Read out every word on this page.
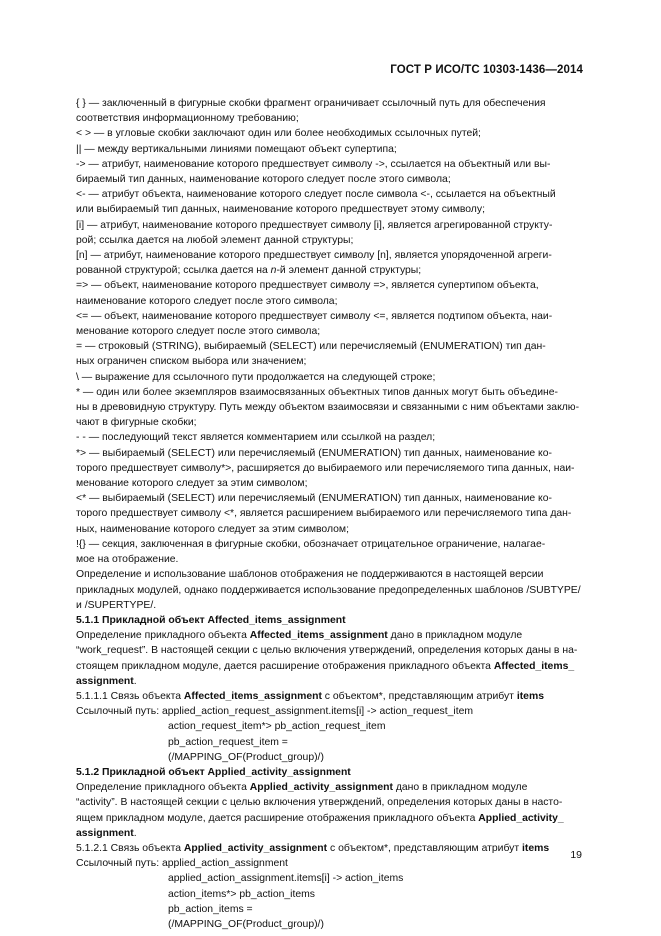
ГОСТ Р ИСО/ТС 10303-1436—2014
{ } — заключенный в фигурные скобки фрагмент ограничивает ссылочный путь для обеспечения
соответствия информационному требованию;
< > — в угловые скобки заключают один или более необходимых ссылочных путей;
|| — между вертикальными линиями помещают объект супертипа;
-> — атрибут, наименование которого предшествует символу ->, ссылается на объектный или вы-
бираемый тип данных, наименование которого следует после этого символа;
<- — атрибут объекта, наименование которого следует после символа <-, ссылается на объектный
или выбираемый тип данных, наименование которого предшествует этому символу;
[i] — атрибут, наименование которого предшествует символу [i], является агрегированной структу-
рой; ссылка дается на любой элемент данной структуры;
[n] — атрибут, наименование которого предшествует символу [n], является упорядоченной агреги-
рованной структурой; ссылка дается на n-й элемент данной структуры;
=> — объект, наименование которого предшествует символу =>, является супертипом объекта,
наименование которого следует после этого символа;
<= — объект, наименование которого предшествует символу <=, является подтипом объекта, наи-
менование которого следует после этого символа;
= — строковый (STRING), выбираемый (SELECT) или перечисляемый (ENUMERATION) тип дан-
ных ограничен списком выбора или значением;
\ — выражение для ссылочного пути продолжается на следующей строке;
* — один или более экземпляров взаимосвязанных объектных типов данных могут быть объедине-
ны в древовидную структуру. Путь между объектом взаимосвязи и связанными с ним объектами заклю-
чают в фигурные скобки;
- - — последующий текст является комментарием или ссылкой на раздел;
*> — выбираемый (SELECT) или перечисляемый (ENUMERATION) тип данных, наименование ко-
торого предшествует символу*>, расширяется до выбираемого или перечисляемого типа данных, наи-
менование которого следует за этим символом;
<* — выбираемый (SELECT) или перечисляемый (ENUMERATION) тип данных, наименование ко-
торого предшествует символу <*, является расширением выбираемого или перечисляемого типа дан-
ных, наименование которого следует за этим символом;
!{} — секция, заключенная в фигурные скобки, обозначает отрицательное ограничение, налагае-
мое на отображение.
Определение и использование шаблонов отображения не поддерживаются в настоящей версии
прикладных модулей, однако поддерживается использование предопределенных шаблонов /SUBTYPE/
и /SUPERTYPE/.
5.1.1 Прикладной объект Affected_items_assignment
Определение прикладного объекта Affected_items_assignment дано в прикладном модуле
“work_request”. В настоящей секции с целью включения утверждений, определения которых даны в на-
стоящем прикладном модуле, дается расширение отображения прикладного объекта Affected_items_
assignment.
5.1.1.1 Связь объекта Affected_items_assignment с объектом*, представляющим атрибут items
Ссылочный путь: applied_action_request_assignment.items[i] -> action_request_item
action_request_item*> pb_action_request_item
pb_action_request_item =
(/MAPPING_OF(Product_group)/)
5.1.2 Прикладной объект Applied_activity_assignment
Определение прикладного объекта Applied_activity_assignment дано в прикладном модуле
“activity”. В настоящей секции с целью включения утверждений, определения которых даны в насто-
ящем прикладном модуле, дается расширение отображения прикладного объекта Applied_activity_
assignment.
5.1.2.1 Связь объекта Applied_activity_assignment с объектом*, представляющим атрибут items
Ссылочный путь: applied_action_assignment
applied_action_assignment.items[i] -> action_items
action_items*> pb_action_items
pb_action_items =
(/MAPPING_OF(Product_group)/)
19
